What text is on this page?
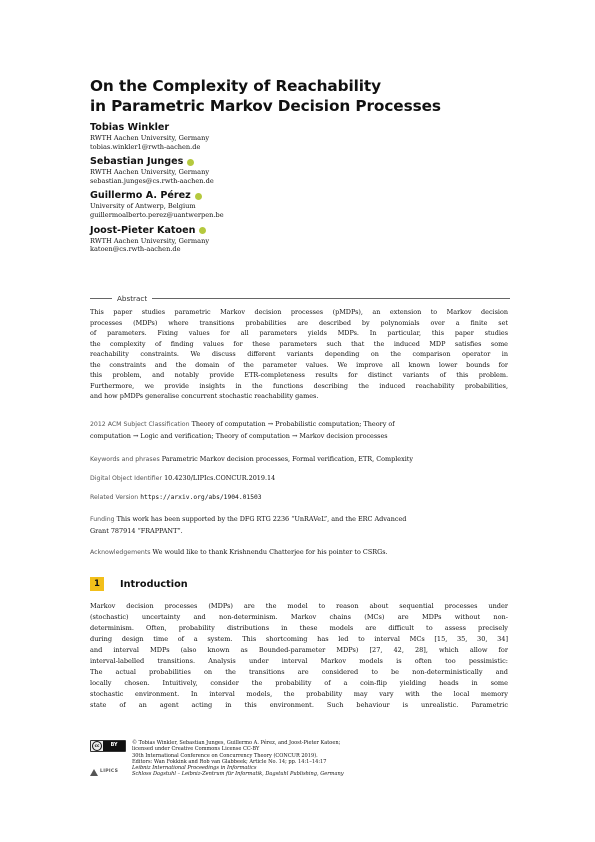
On the Complexity of Reachability
in Parametric Markov Decision Processes
Tobias Winkler
RWTH Aachen University, Germany
tobias.winkler1@rwth-aachen.de
Sebastian Junges
RWTH Aachen University, Germany
sebastian.junges@cs.rwth-aachen.de
Guillermo A. Pérez
University of Antwerp, Belgium
guillermoalberto.perez@uantwerpen.be
Joost-Pieter Katoen
RWTH Aachen University, Germany
katoen@cs.rwth-aachen.de
Abstract
This paper studies parametric Markov decision processes (pMDPs), an extension to Markov decision
processes (MDPs) where transitions probabilities are described by polynomials over a finite set
of parameters. Fixing values for all parameters yields MDPs. In particular, this paper studies
the complexity of finding values for these parameters such that the induced MDP satisfies some
reachability constraints. We discuss different variants depending on the comparison operator in
the constraints and the domain of the parameter values. We improve all known lower bounds for
this problem, and notably provide ETR-completeness results for distinct variants of this problem.
Furthermore, we provide insights in the functions describing the induced reachability probabilities,
and how pMDPs generalise concurrent stochastic reachability games.
2012 ACM Subject Classification Theory of computation → Probabilistic computation; Theory of
computation → Logic and verification; Theory of computation → Markov decision processes
Keywords and phrases Parametric Markov decision processes, Formal verification, ETR, Complexity
Digital Object Identifier 10.4230/LIPIcs.CONCUR.2019.14
Related Version https://arxiv.org/abs/1904.01503
Funding This work has been supported by the DFG RTG 2236 “UnRAVeL”, and the ERC Advanced
Grant 787914 “FRAPPANT”.
Acknowledgements We would like to thank Krishnendu Chatterjee for his pointer to CSRGs.
1	Introduction
Markov decision processes (MDPs) are the model to reason about sequential processes under
(stochastic) uncertainty and non-determinism. Markov chains (MCs) are MDPs without non-
determinism. Often, probability distributions in these models are difficult to assess precisely
during design time of a system. This shortcoming has led to interval MCs [15, 35, 30, 34]
and interval MDPs (also known as Bounded-parameter MDPs) [27, 42, 28], which allow for
interval-labelled transitions. Analysis under interval Markov models is often too pessimistic:
The actual probabilities on the transitions are considered to be non-deterministically and
locally chosen. Intuitively, consider the probability of a coin-flip yielding heads in some
stochastic environment. In interval models, the probability may vary with the local memory
state of an agent acting in this environment. Such behaviour is unrealistic. Parametric
cc	BY
LIPICS
© Tobias Winkler, Sebastian Junges, Guillermo A. Pérez, and Joost-Pieter Katoen;
licensed under Creative Commons License CC-BY
30th International Conference on Concurrency Theory (CONCUR 2019).
Editors: Wan Fokkink and Rob van Glabbeek; Article No. 14; pp. 14:1–14:17
Leibniz International Proceedings in Informatics
Schloss Dagstuhl – Leibniz-Zentrum für Informatik, Dagstuhl Publishing, Germany
